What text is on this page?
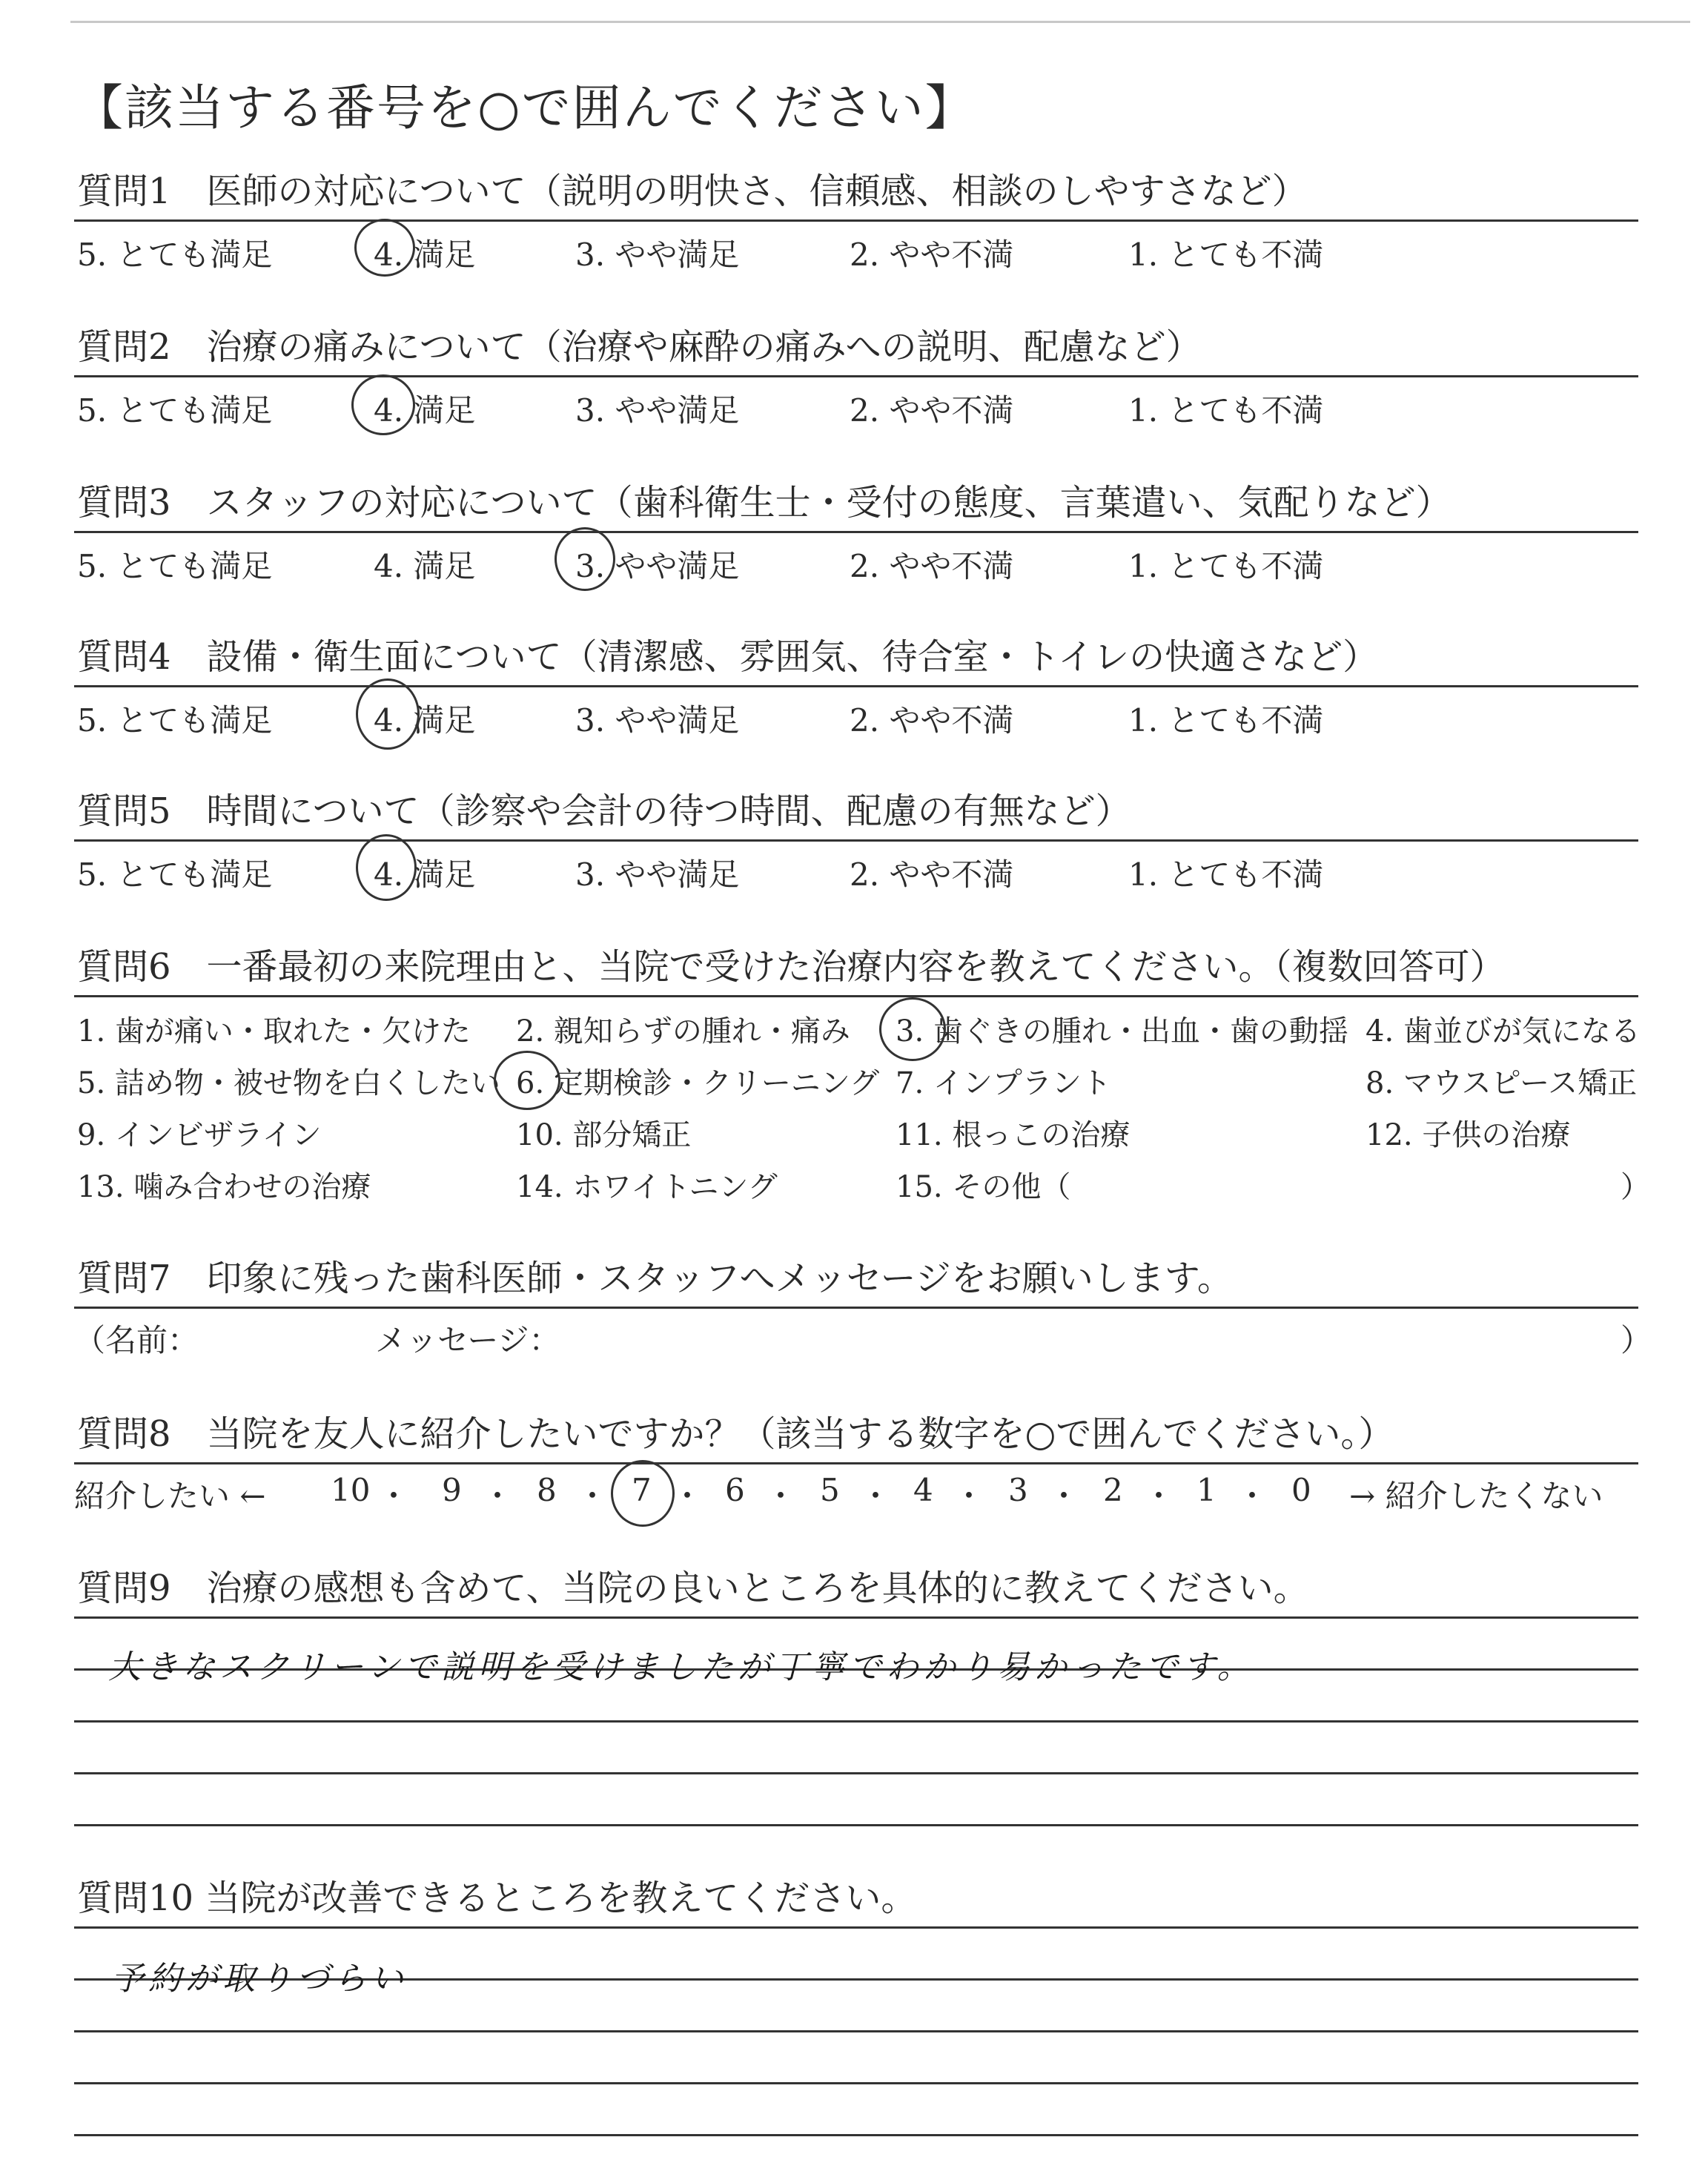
【該当する番号を○で囲んでください】
質問1　医師の対応について（説明の明快さ、信頼感、相談のしやすさなど）
5. とても満足	4. 満足	3. やや満足	2. やや不満	1. とても不満
質問2　治療の痛みについて（治療や麻酔の痛みへの説明、配慮など）
5. とても満足	4. 満足	3. やや満足	2. やや不満	1. とても不満
質問3　スタッフの対応について（歯科衛生士・受付の態度、言葉遣い、気配りなど）
5. とても満足	4. 満足	3. やや満足	2. やや不満	1. とても不満
質問4　設備・衛生面について（清潔感、雰囲気、待合室・トイレの快適さなど）
5. とても満足	4. 満足	3. やや満足	2. やや不満	1. とても不満
質問5　時間について（診察や会計の待つ時間、配慮の有無など）
5. とても満足	4. 満足	3. やや満足	2. やや不満	1. とても不満
質問6　一番最初の来院理由と、当院で受けた治療内容を教えてください。（複数回答可）
1. 歯が痛い・取れた・欠けた 2. 親知らずの腫れ・痛み 3. 歯ぐきの腫れ・出血・歯の動揺 4. 歯並びが気になる
5. 詰め物・被せ物を白くしたい 6. 定期検診・クリーニング 7. インプラント	8. マウスピース矯正
9. インビザライン	10. 部分矯正	11. 根っこの治療	12. 子供の治療
13. 噛み合わせの治療	14. ホワイトニング	15. その他（	）
質問7　印象に残った歯科医師・スタッフへメッセージをお願いします。
（名前：	メッセージ：	）
質問8　当院を友人に紹介したいですか？（該当する数字を○で囲んでください。）
紹介したい ← 10 ・ 9 ・ 8 ・ 7 ・ 6 ・ 5 ・ 4 ・ 3 ・ 2 ・ 1 ・ 0 → 紹介したくない
質問9　治療の感想も含めて、当院の良いところを具体的に教えてください。
大きなスクリーンで説明を受けましたが丁寧でわかり易かったです。
質問10 当院が改善できるところを教えてください。
予約が取りづらい
